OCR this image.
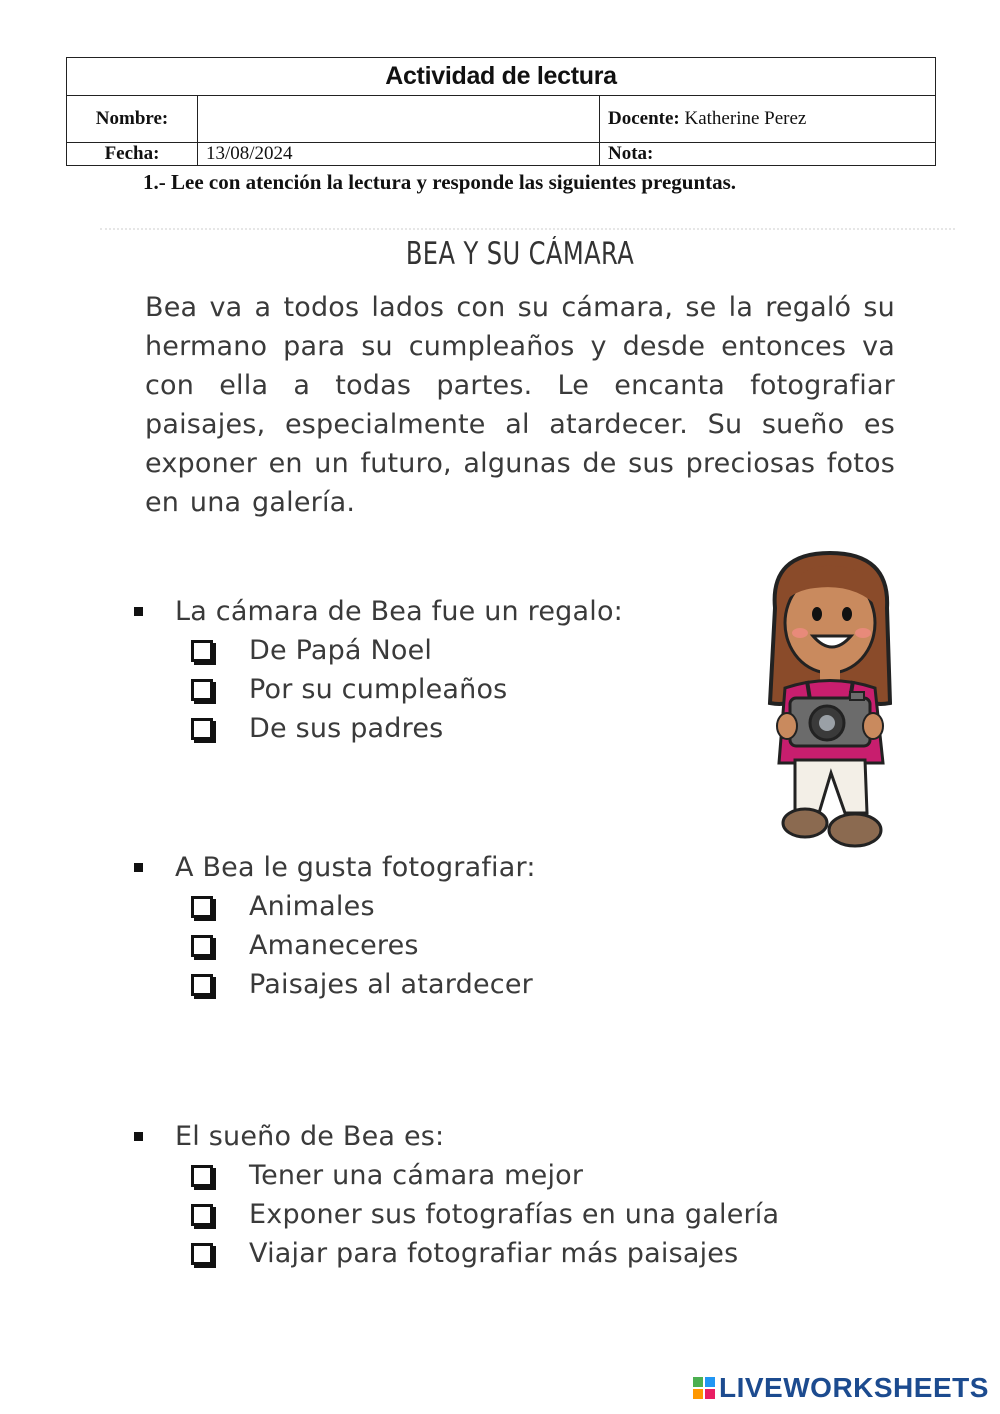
Actividad de lectura		
Nombre:		Docente: Katherine Perez
Fecha:	13/08/2024	Nota:
1.- Lee con atención la lectura y responde las siguientes preguntas.
BEA Y SU CÁMARA
Bea va a todos lados con su cámara, se la regaló su hermano para su cumpleaños y desde entonces va con ella a todas partes. Le encanta fotografiar paisajes, especialmente al atardecer. Su sueño es exponer en un futuro, algunas de sus preciosas fotos en una galería.
La cámara de Bea fue un regalo:
De Papá Noel
Por su cumpleaños
De sus padres
A Bea le gusta fotografiar:
Animales
Amaneceres
Paisajes al atardecer
El sueño de Bea es:
Tener una cámara mejor
Exponer sus fotografías en una galería
Viajar para fotografiar más paisajes
LIVEWORKSHEETS
